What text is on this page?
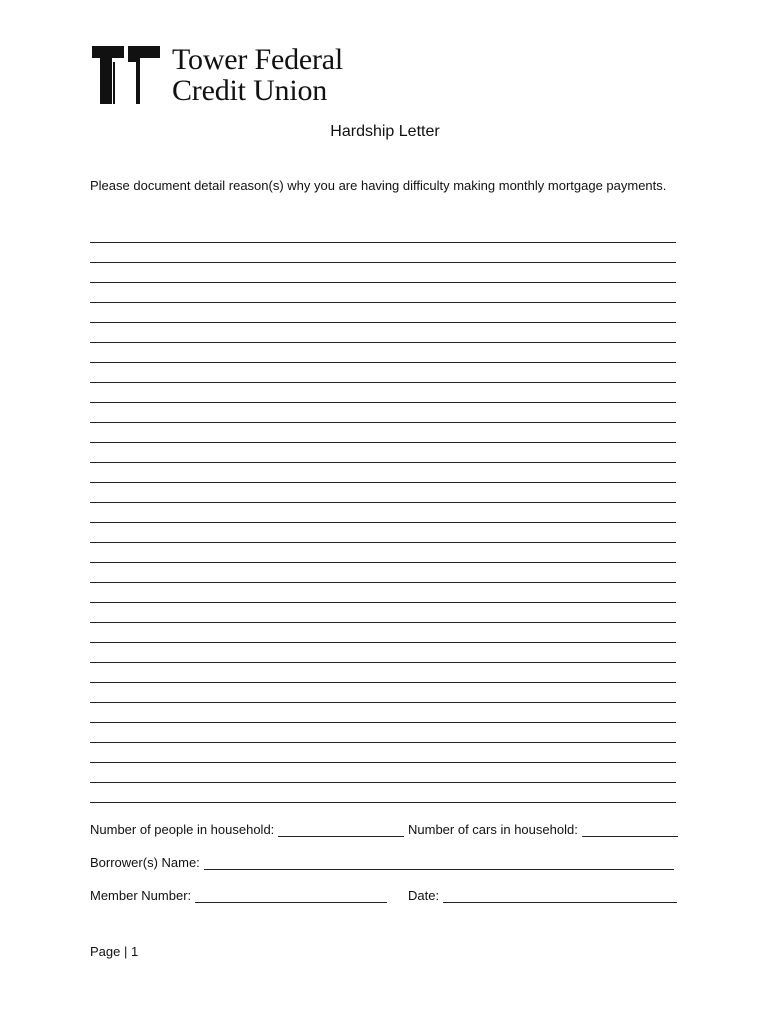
Tower Federal
Credit Union
Hardship Letter
Please document detail reason(s) why you are having difficulty making monthly mortgage payments.
Number of people in household:	Number of cars in household:
Borrower(s) Name:
Member Number:	Date:
Page | 1
